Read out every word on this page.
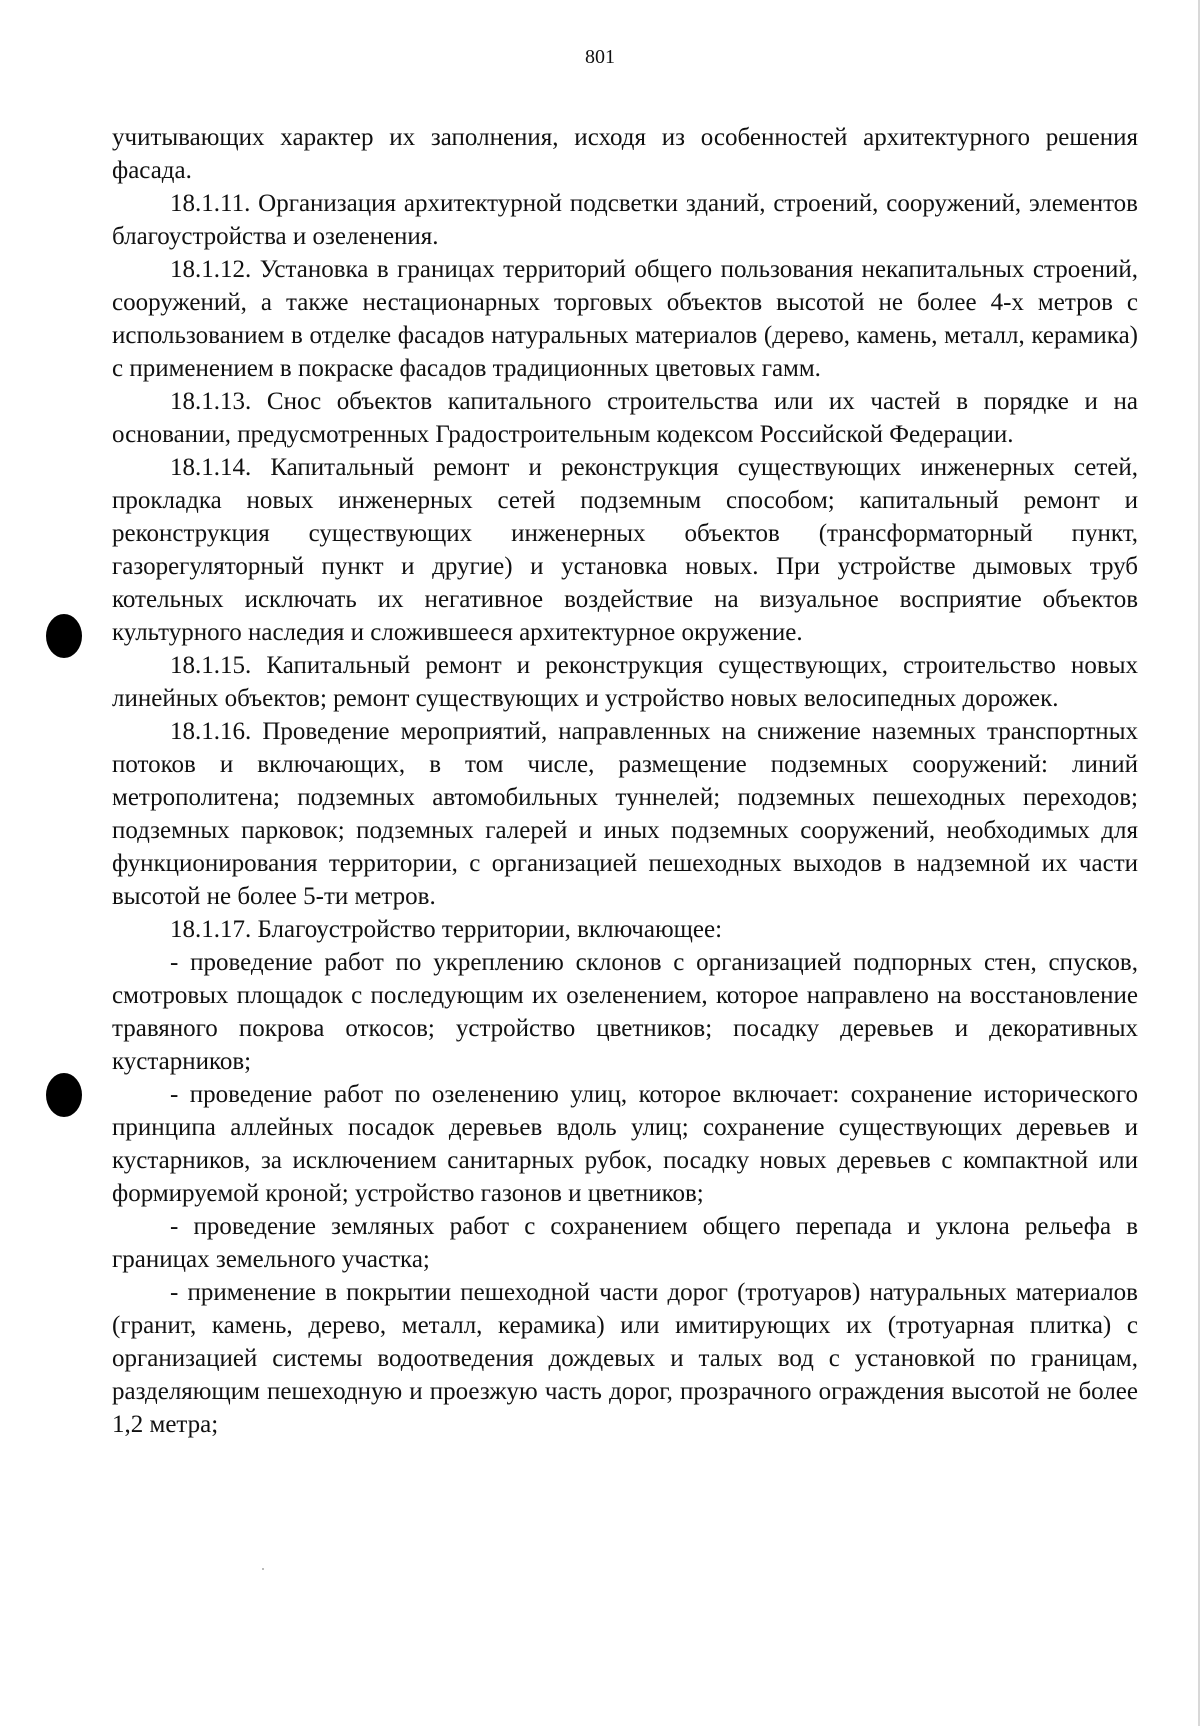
801

учитывающих характер их заполнения, исходя из особенностей архитектурного решения фасада.

18.1.11. Организация архитектурной подсветки зданий, строений, сооружений, элементов благоустройства и озеленения.

18.1.12. Установка в границах территорий общего пользования некапитальных строений, сооружений, а также нестационарных торговых объектов высотой не более 4-х метров с использованием в отделке фасадов натуральных материалов (дерево, камень, металл, керамика) с применением в покраске фасадов традиционных цветовых гамм.

18.1.13. Снос объектов капитального строительства или их частей в порядке и на основании, предусмотренных Градостроительным кодексом Российской Федерации.

18.1.14. Капитальный ремонт и реконструкция существующих инженерных сетей, прокладка новых инженерных сетей подземным способом; капитальный ремонт и реконструкция существующих инженерных объектов (трансформаторный пункт, газорегуляторный пункт и другие) и установка новых. При устройстве дымовых труб котельных исключать их негативное воздействие на визуальное восприятие объектов культурного наследия и сложившееся архитектурное окружение.

18.1.15. Капитальный ремонт и реконструкция существующих, строительство новых линейных объектов; ремонт существующих и устройство новых велосипедных дорожек.

18.1.16. Проведение мероприятий, направленных на снижение наземных транспортных потоков и включающих, в том числе, размещение подземных сооружений: линий метрополитена; подземных автомобильных туннелей; подземных пешеходных переходов; подземных парковок; подземных галерей и иных подземных сооружений, необходимых для функционирования территории, с организацией пешеходных выходов в надземной их части высотой не более 5-ти метров.

18.1.17. Благоустройство территории, включающее:

- проведение работ по укреплению склонов с организацией подпорных стен, спусков, смотровых площадок с последующим их озеленением, которое направлено на восстановление травяного покрова откосов; устройство цветников; посадку деревьев и декоративных кустарников;

- проведение работ по озеленению улиц, которое включает: сохранение исторического принципа аллейных посадок деревьев вдоль улиц; сохранение существующих деревьев и кустарников, за исключением санитарных рубок, посадку новых деревьев с компактной или формируемой кроной; устройство газонов и цветников;

- проведение земляных работ с сохранением общего перепада и уклона рельефа в границах земельного участка;

- применение в покрытии пешеходной части дорог (тротуаров) натуральных материалов (гранит, камень, дерево, металл, керамика) или имитирующих их (тротуарная плитка) с организацией системы водоотведения дождевых и талых вод с установкой по границам, разделяющим пешеходную и проезжую часть дорог, прозрачного ограждения высотой не более 1,2 метра;
